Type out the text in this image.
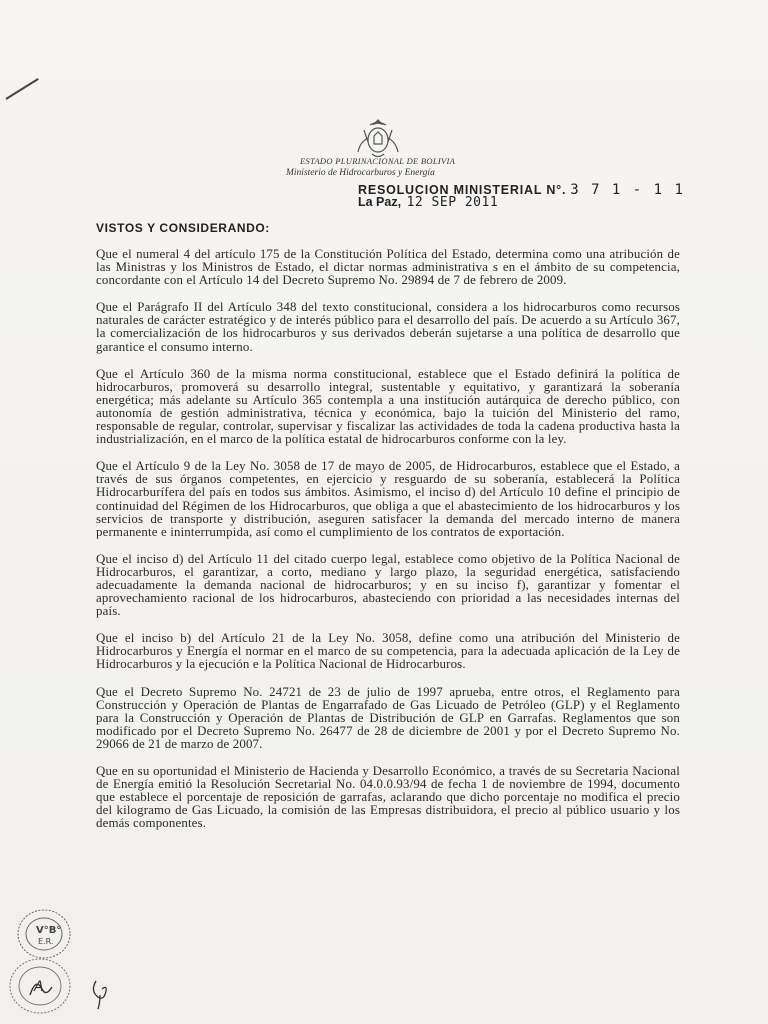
ESTADO PLURINACIONAL DE BOLIVIA
Ministerio de Hidrocarburos y Energía
RESOLUCION MINISTERIAL N°. 3 7 1 - 1 1
La Paz, 12 SEP 2011
VISTOS Y CONSIDERANDO:

Que el numeral 4 del artículo 175 de la Constitución Política del Estado, determina como una atribución de las Ministras y los Ministros de Estado, el dictar normas administrativa s en el ámbito de su competencia, concordante con el Artículo 14 del Decreto Supremo No. 29894 de 7 de febrero de 2009.

Que el Parágrafo II del Artículo 348 del texto constitucional, considera a los hidrocarburos como recursos naturales de carácter estratégico y de interés público para el desarrollo del país. De acuerdo a su Artículo 367, la comercialización de los hidrocarburos y sus derivados deberán sujetarse a una política de desarrollo que garantice el consumo interno.

Que el Artículo 360 de la misma norma constitucional, establece que el Estado definirá la política de hidrocarburos, promoverá su desarrollo integral, sustentable y equitativo, y garantizará la soberanía energética; más adelante su Artículo 365 contempla a una institución autárquica de derecho público, con autonomía de gestión administrativa, técnica y económica, bajo la tuición del Ministerio del ramo, responsable de regular, controlar, supervisar y fiscalizar las actividades de toda la cadena productiva hasta la industrialización, en el marco de la política estatal de hidrocarburos conforme con la ley.

Que el Artículo 9 de la Ley No. 3058 de 17 de mayo de 2005, de Hidrocarburos, establece que el Estado, a través de sus órganos competentes, en ejercicio y resguardo de su soberanía, establecerá la Política Hidrocarburífera del país en todos sus ámbitos. Asimismo, el inciso d) del Artículo 10 define el principio de continuidad del Régimen de los Hidrocarburos, que obliga a que el abastecimiento de los hidrocarburos y los servicios de transporte y distribución, aseguren satisfacer la demanda del mercado interno de manera permanente e ininterrumpida, así como el cumplimiento de los contratos de exportación.

Que el inciso d) del Artículo 11 del citado cuerpo legal, establece como objetivo de la Política Nacional de Hidrocarburos, el garantizar, a corto, mediano y largo plazo, la seguridad energética, satisfaciendo adecuadamente la demanda nacional de hidrocarburos; y en su inciso f), garantizar y fomentar el aprovechamiento racional de los hidrocarburos, abasteciendo con prioridad a las necesidades internas del país.

Que el inciso b) del Artículo 21 de la Ley No. 3058, define como una atribución del Ministerio de Hidrocarburos y Energía el normar en el marco de su competencia, para la adecuada aplicación de la Ley de Hidrocarburos y la ejecución e la Política Nacional de Hidrocarburos.

Que el Decreto Supremo No. 24721 de 23 de julio de 1997 aprueba, entre otros, el Reglamento para Construcción y Operación de Plantas de Engarrafado de Gas Licuado de Petróleo (GLP) y el Reglamento para la Construcción y Operación de Plantas de Distribución de GLP en Garrafas. Reglamentos que son modificado por el Decreto Supremo No. 26477 de 28 de diciembre de 2001 y por el Decreto Supremo No. 29066 de 21 de marzo de 2007.

Que en su oportunidad el Ministerio de Hacienda y Desarrollo Económico, a través de su Secretaria Nacional de Energía emitió la Resolución Secretarial No. 04.0.0.93/94 de fecha 1 de noviembre de 1994, documento que establece el porcentaje de reposición de garrafas, aclarando que dicho porcentaje no modifica el precio del kilogramo de Gas Licuado, la comisión de las Empresas distribuidora, el precio al público usuario y los demás componentes.

V°B°
E.R.
A
